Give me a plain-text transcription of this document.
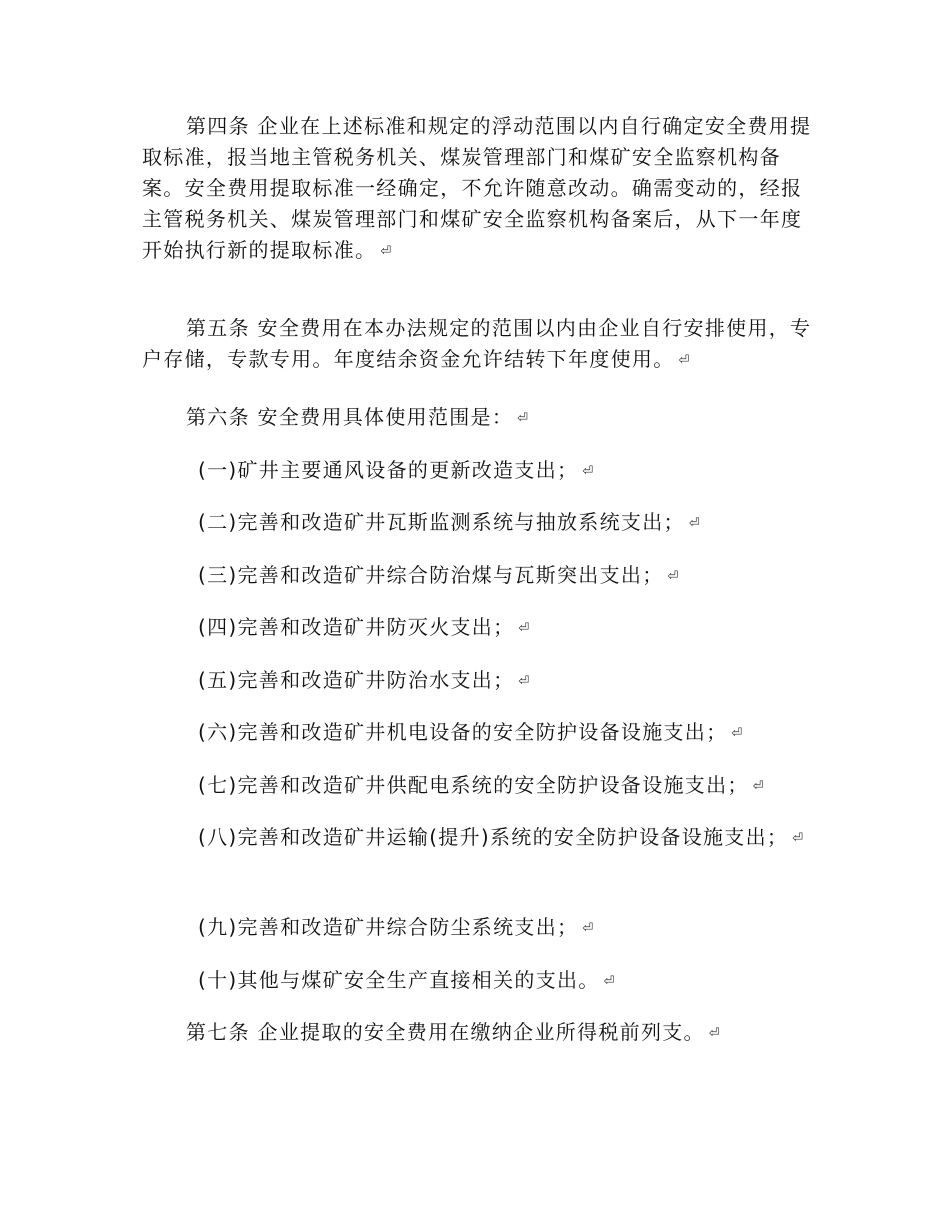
第四条 企业在上述标准和规定的浮动范围以内自行确定安全费用提取标准，报当地主管税务机关、煤炭管理部门和煤矿安全监察机构备案。安全费用提取标准一经确定，不允许随意改动。确需变动的，经报主管税务机关、煤炭管理部门和煤矿安全监察机构备案后，从下一年度开始执行新的提取标准。 ⏎

第五条 安全费用在本办法规定的范围以内由企业自行安排使用，专户存储，专款专用。年度结余资金允许结转下年度使用。 ⏎

第六条 安全费用具体使用范围是： ⏎

(一)矿井主要通风设备的更新改造支出； ⏎

(二)完善和改造矿井瓦斯监测系统与抽放系统支出； ⏎

(三)完善和改造矿井综合防治煤与瓦斯突出支出； ⏎

(四)完善和改造矿井防灭火支出； ⏎

(五)完善和改造矿井防治水支出； ⏎

(六)完善和改造矿井机电设备的安全防护设备设施支出； ⏎

(七)完善和改造矿井供配电系统的安全防护设备设施支出； ⏎

(八)完善和改造矿井运输(提升)系统的安全防护设备设施支出； ⏎

(九)完善和改造矿井综合防尘系统支出； ⏎

(十)其他与煤矿安全生产直接相关的支出。 ⏎

第七条 企业提取的安全费用在缴纳企业所得税前列支。 ⏎
